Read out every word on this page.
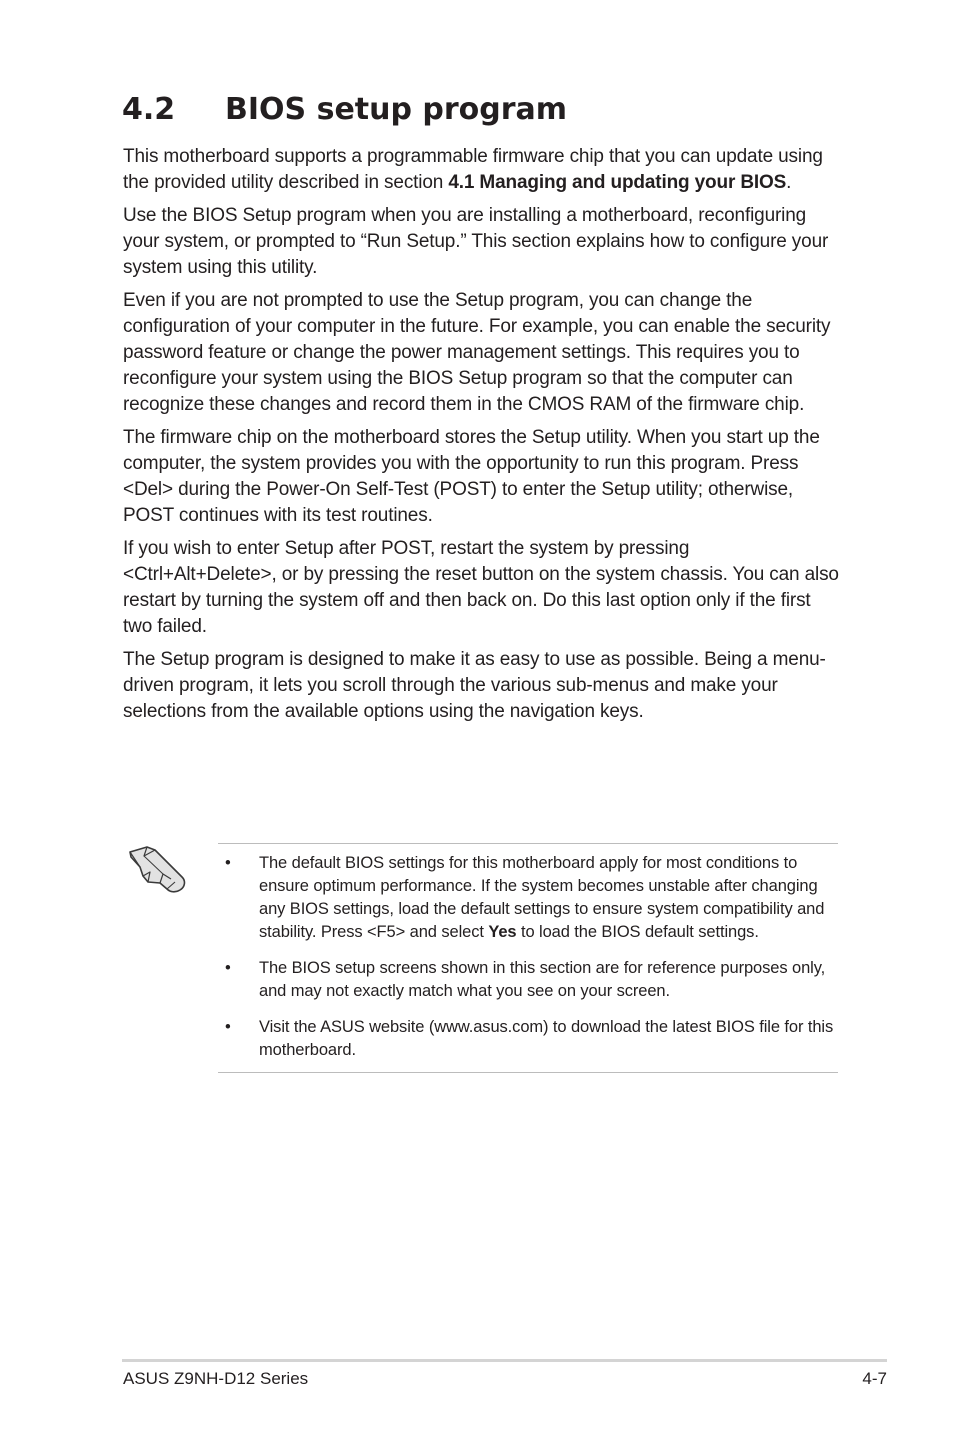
4.2 BIOS setup program

This motherboard supports a programmable firmware chip that you can update using the provided utility described in section 4.1 Managing and updating your BIOS.

Use the BIOS Setup program when you are installing a motherboard, reconfiguring your system, or prompted to “Run Setup.” This section explains how to configure your system using this utility.

Even if you are not prompted to use the Setup program, you can change the configuration of your computer in the future. For example, you can enable the security password feature or change the power management settings. This requires you to reconfigure your system using the BIOS Setup program so that the computer can recognize these changes and record them in the CMOS RAM of the firmware chip.

The firmware chip on the motherboard stores the Setup utility. When you start up the computer, the system provides you with the opportunity to run this program. Press <Del> during the Power-On Self-Test (POST) to enter the Setup utility; otherwise, POST continues with its test routines.

If you wish to enter Setup after POST, restart the system by pressing <Ctrl+Alt+Delete>, or by pressing the reset button on the system chassis. You can also restart by turning the system off and then back on. Do this last option only if the first two failed.

The Setup program is designed to make it as easy to use as possible. Being a menu-driven program, it lets you scroll through the various sub-menus and make your selections from the available options using the navigation keys.

• The default BIOS settings for this motherboard apply for most conditions to ensure optimum performance. If the system becomes unstable after changing any BIOS settings, load the default settings to ensure system compatibility and stability. Press <F5> and select Yes to load the BIOS default settings.
• The BIOS setup screens shown in this section are for reference purposes only, and may not exactly match what you see on your screen.
• Visit the ASUS website (www.asus.com) to download the latest BIOS file for this motherboard.
ASUS Z9NH-D12 Series	4-7
